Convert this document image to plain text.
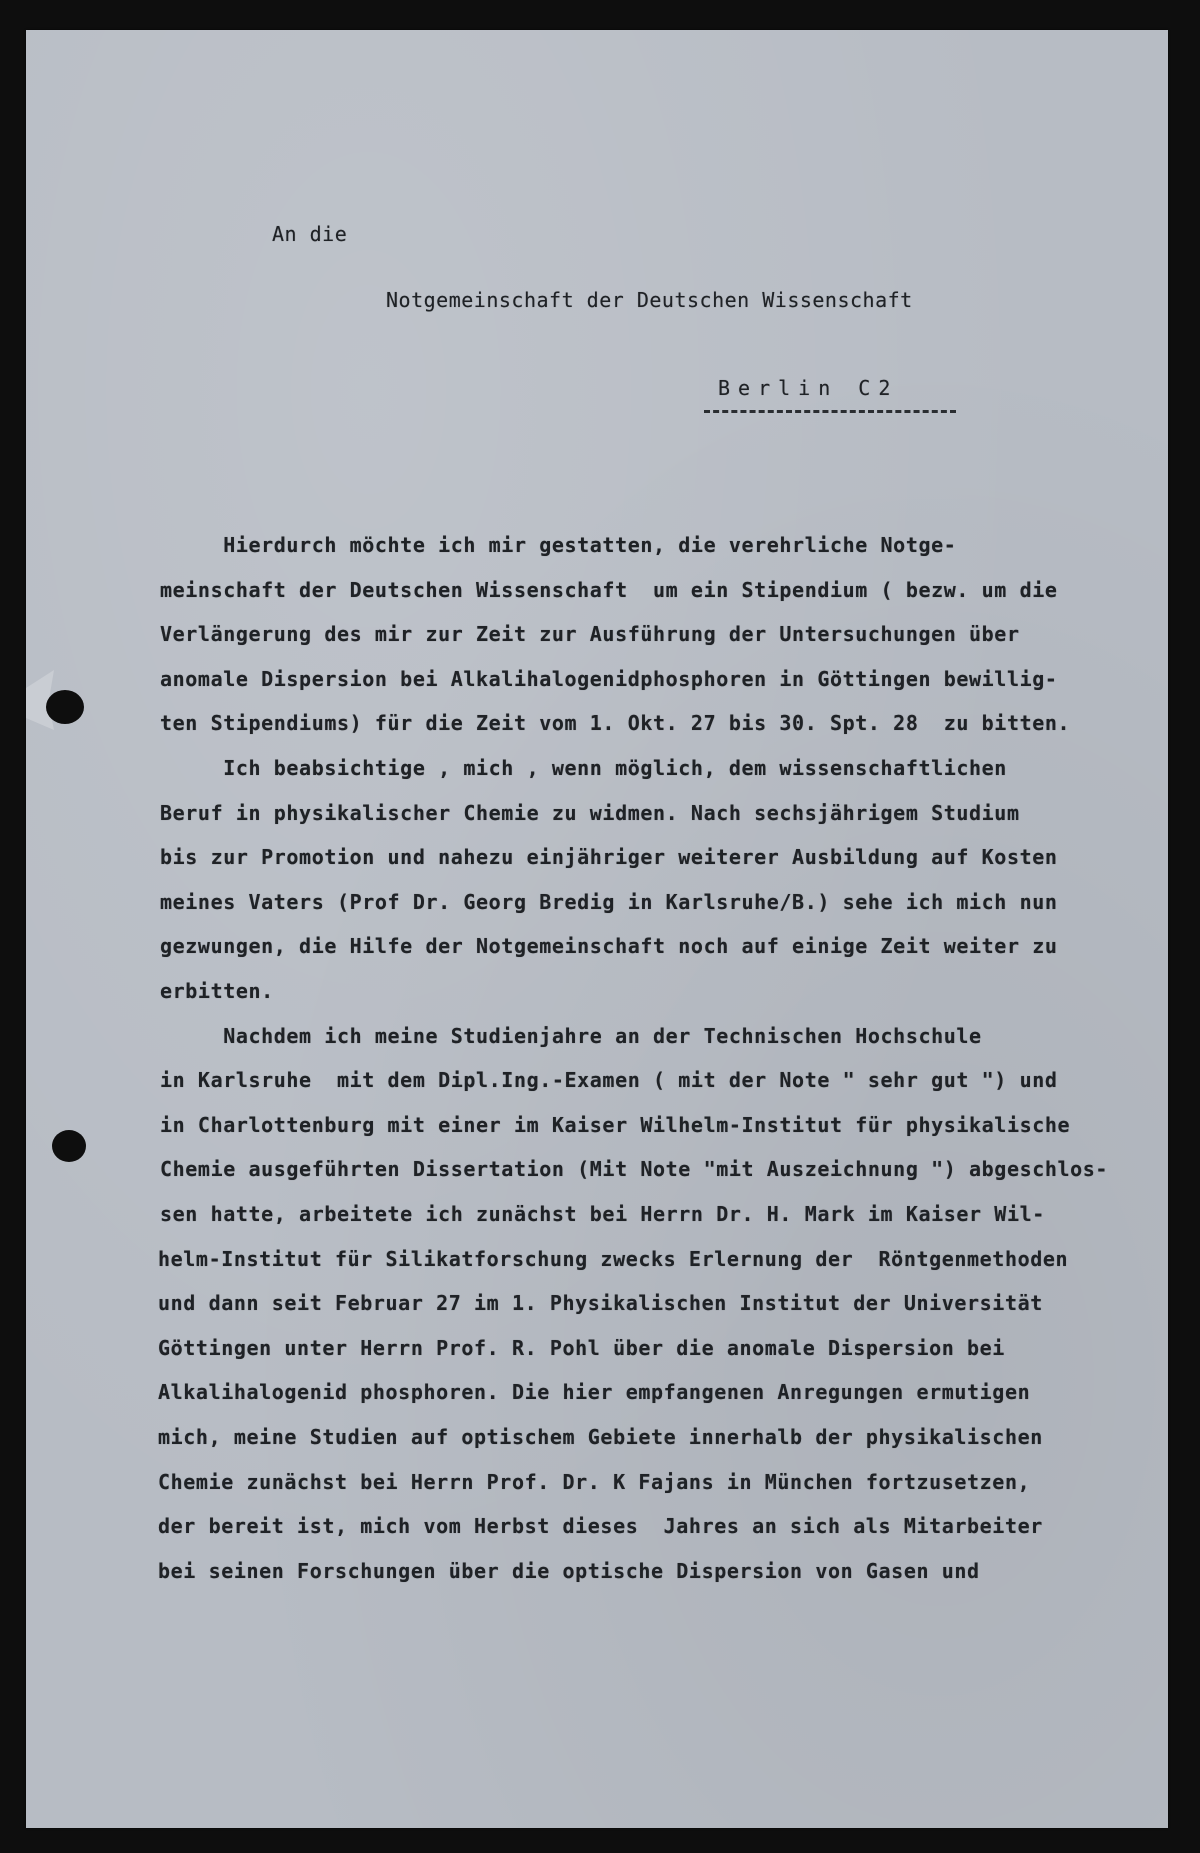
An die
Notgemeinschaft der Deutschen Wissenschaft
Berlin C2
Hierdurch möchte ich mir gestatten, die verehrliche Notge-
meinschaft der Deutschen Wissenschaft  um ein Stipendium ( bezw. um die
Verlängerung des mir zur Zeit zur Ausführung der Untersuchungen über
anomale Dispersion bei Alkalihalogenidphosphoren in Göttingen bewillig-
ten Stipendiums) für die Zeit vom 1. Okt. 27 bis 30. Spt. 28  zu bitten.
Ich beabsichtige , mich , wenn möglich, dem wissenschaftlichen
Beruf in physikalischer Chemie zu widmen. Nach sechsjährigem Studium
bis zur Promotion und nahezu einjähriger weiterer Ausbildung auf Kosten
meines Vaters (Prof Dr. Georg Bredig in Karlsruhe/B.) sehe ich mich nun
gezwungen, die Hilfe der Notgemeinschaft noch auf einige Zeit weiter zu
erbitten.
Nachdem ich meine Studienjahre an der Technischen Hochschule
in Karlsruhe  mit dem Dipl.Ing.-Examen ( mit der Note " sehr gut ") und
in Charlottenburg mit einer im Kaiser Wilhelm-Institut für physikalische
Chemie ausgeführten Dissertation (Mit Note "mit Auszeichnung ") abgeschlos-
sen hatte, arbeitete ich zunächst bei Herrn Dr. H. Mark im Kaiser Wil-
helm-Institut für Silikatforschung zwecks Erlernung der  Röntgenmethoden
und dann seit Februar 27 im 1. Physikalischen Institut der Universität
Göttingen unter Herrn Prof. R. Pohl über die anomale Dispersion bei
Alkalihalogenid phosphoren. Die hier empfangenen Anregungen ermutigen
mich, meine Studien auf optischem Gebiete innerhalb der physikalischen
Chemie zunächst bei Herrn Prof. Dr. K Fajans in München fortzusetzen,
der bereit ist, mich vom Herbst dieses  Jahres an sich als Mitarbeiter
bei seinen Forschungen über die optische Dispersion von Gasen und
